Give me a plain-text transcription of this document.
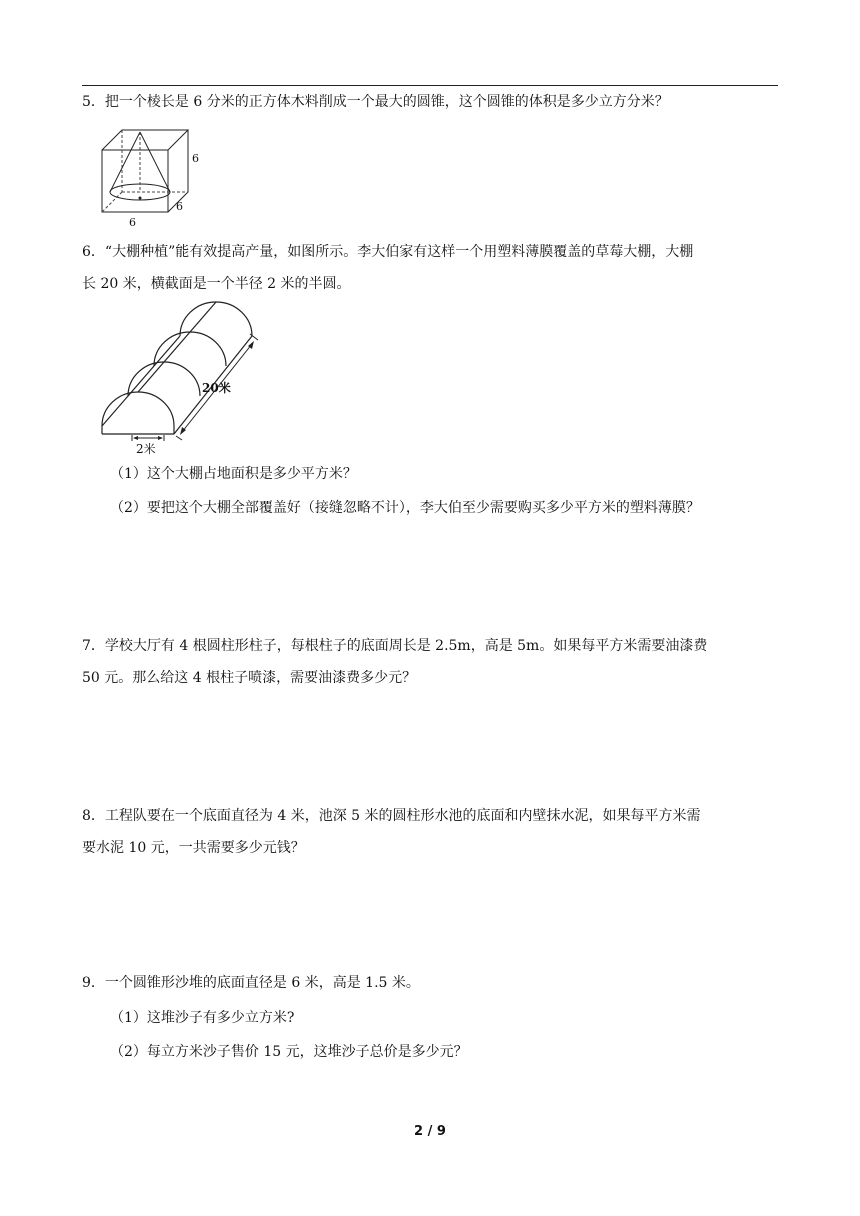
5．把一个棱长是 6 分米的正方体木料削成一个最大的圆锥，这个圆锥的体积是多少立方分米？
6
6
6
6．“大棚种植”能有效提高产量，如图所示。李大伯家有这样一个用塑料薄膜覆盖的草莓大棚，大棚
长 20 米，横截面是一个半径 2 米的半圆。
20米
2米
（1）这个大棚占地面积是多少平方米？
（2）要把这个大棚全部覆盖好（接缝忽略不计），李大伯至少需要购买多少平方米的塑料薄膜？
7．学校大厅有 4 根圆柱形柱子，每根柱子的底面周长是 2.5m，高是 5m。如果每平方米需要油漆费
50 元。那么给这 4 根柱子喷漆，需要油漆费多少元？
8．工程队要在一个底面直径为 4 米，池深 5 米的圆柱形水池的底面和内壁抹水泥，如果每平方米需
要水泥 10 元，一共需要多少元钱？
9．一个圆锥形沙堆的底面直径是 6 米，高是 1.5 米。
（1）这堆沙子有多少立方米?
（2）每立方米沙子售价 15 元，这堆沙子总价是多少元？
2 / 9
